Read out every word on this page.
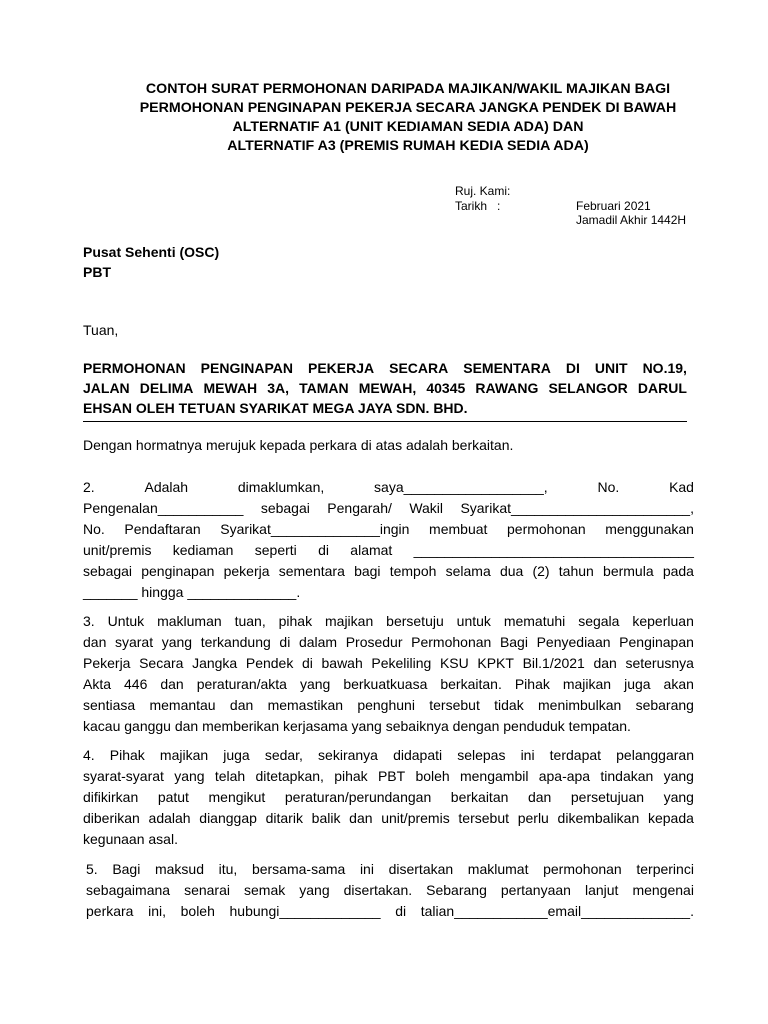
CONTOH SURAT PERMOHONAN DARIPADA MAJIKAN/WAKIL MAJIKAN BAGI
PERMOHONAN PENGINAPAN PEKERJA SECARA JANGKA PENDEK DI BAWAH
ALTERNATIF A1 (UNIT KEDIAMAN SEDIA ADA) DAN
ALTERNATIF A3 (PREMIS RUMAH KEDIA SEDIA ADA)
Ruj. Kami:
Tarikh   :	Februari 2021
Jamadil Akhir 1442H
Pusat Sehenti (OSC)
PBT
Tuan,
PERMOHONAN PENGINAPAN PEKERJA SECARA SEMENTARA DI UNIT NO.19,
JALAN DELIMA MEWAH 3A, TAMAN MEWAH, 40345 RAWANG SELANGOR DARUL
EHSAN OLEH TETUAN SYARIKAT MEGA JAYA SDN. BHD.
Dengan hormatnya merujuk kepada perkara di atas adalah berkaitan.
2.	Adalah	dimaklumkan,	saya__________________,	No.	Kad
Pengenalan___________ sebagai Pengarah/ Wakil Syarikat_______________________,
No. Pendaftaran Syarikat______________ingin membuat permohonan menggunakan
unit/premis kediaman seperti di alamat ____________________________________
sebagai penginapan pekerja sementara bagi tempoh selama dua (2) tahun bermula pada
_______ hingga ______________.
3. Untuk makluman tuan, pihak majikan bersetuju untuk mematuhi segala keperluan
dan syarat yang terkandung di dalam Prosedur Permohonan Bagi Penyediaan Penginapan
Pekerja Secara Jangka Pendek di bawah Pekeliling KSU KPKT Bil.1/2021 dan seterusnya
Akta 446 dan peraturan/akta yang berkuatkuasa berkaitan. Pihak majikan juga akan
sentiasa memantau dan memastikan penghuni tersebut tidak menimbulkan sebarang
kacau ganggu dan memberikan kerjasama yang sebaiknya dengan penduduk tempatan.
4. Pihak majikan juga sedar, sekiranya didapati selepas ini terdapat pelanggaran
syarat-syarat yang telah ditetapkan, pihak PBT boleh mengambil apa-apa tindakan yang
difikirkan patut mengikut peraturan/perundangan berkaitan dan persetujuan yang
diberikan adalah dianggap ditarik balik dan unit/premis tersebut perlu dikembalikan kepada
kegunaan asal.
5. Bagi maksud itu, bersama-sama ini disertakan maklumat permohonan terperinci
sebagaimana senarai semak yang disertakan. Sebarang pertanyaan lanjut mengenai
perkara ini, boleh hubungi_____________ di talian____________email______________.
